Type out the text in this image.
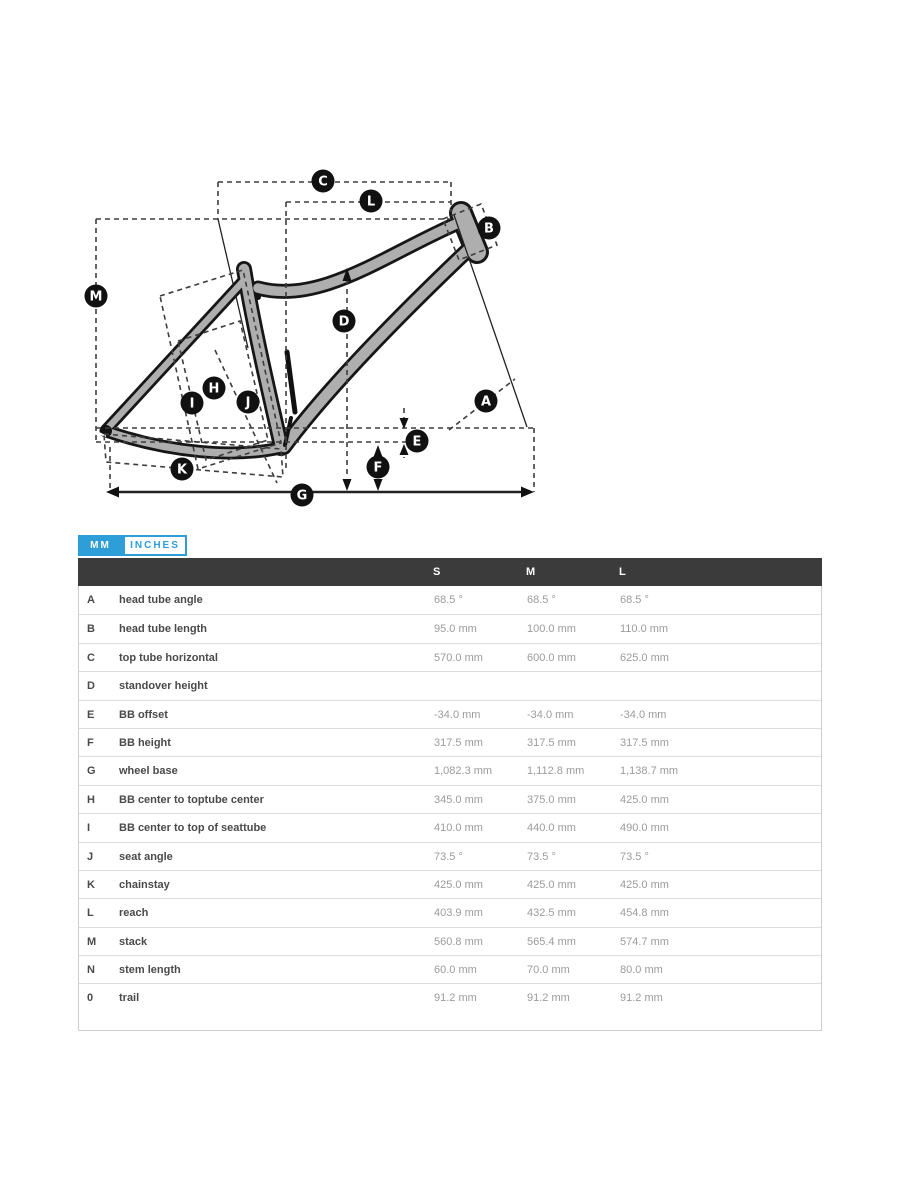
C
L
B
M
D
H
I	J	A
E
F
K
G
MM	INCHES
S	M	L
A	head tube angle	68.5 °	68.5 °	68.5 °
B	head tube length	95.0 mm	100.0 mm	110.0 mm
C	top tube horizontal	570.0 mm	600.0 mm	625.0 mm
D	standover height
E	BB offset	-34.0 mm	-34.0 mm	-34.0 mm
F	BB height	317.5 mm	317.5 mm	317.5 mm
G	wheel base	1,082.3 mm	1,112.8 mm	1,138.7 mm
H	BB center to toptube center	345.0 mm	375.0 mm	425.0 mm
I	BB center to top of seattube	410.0 mm	440.0 mm	490.0 mm
J	seat angle	73.5 °	73.5 °	73.5 °
K	chainstay	425.0 mm	425.0 mm	425.0 mm
L	reach	403.9 mm	432.5 mm	454.8 mm
M	stack	560.8 mm	565.4 mm	574.7 mm
N	stem length	60.0 mm	70.0 mm	80.0 mm
0	trail	91.2 mm	91.2 mm	91.2 mm
